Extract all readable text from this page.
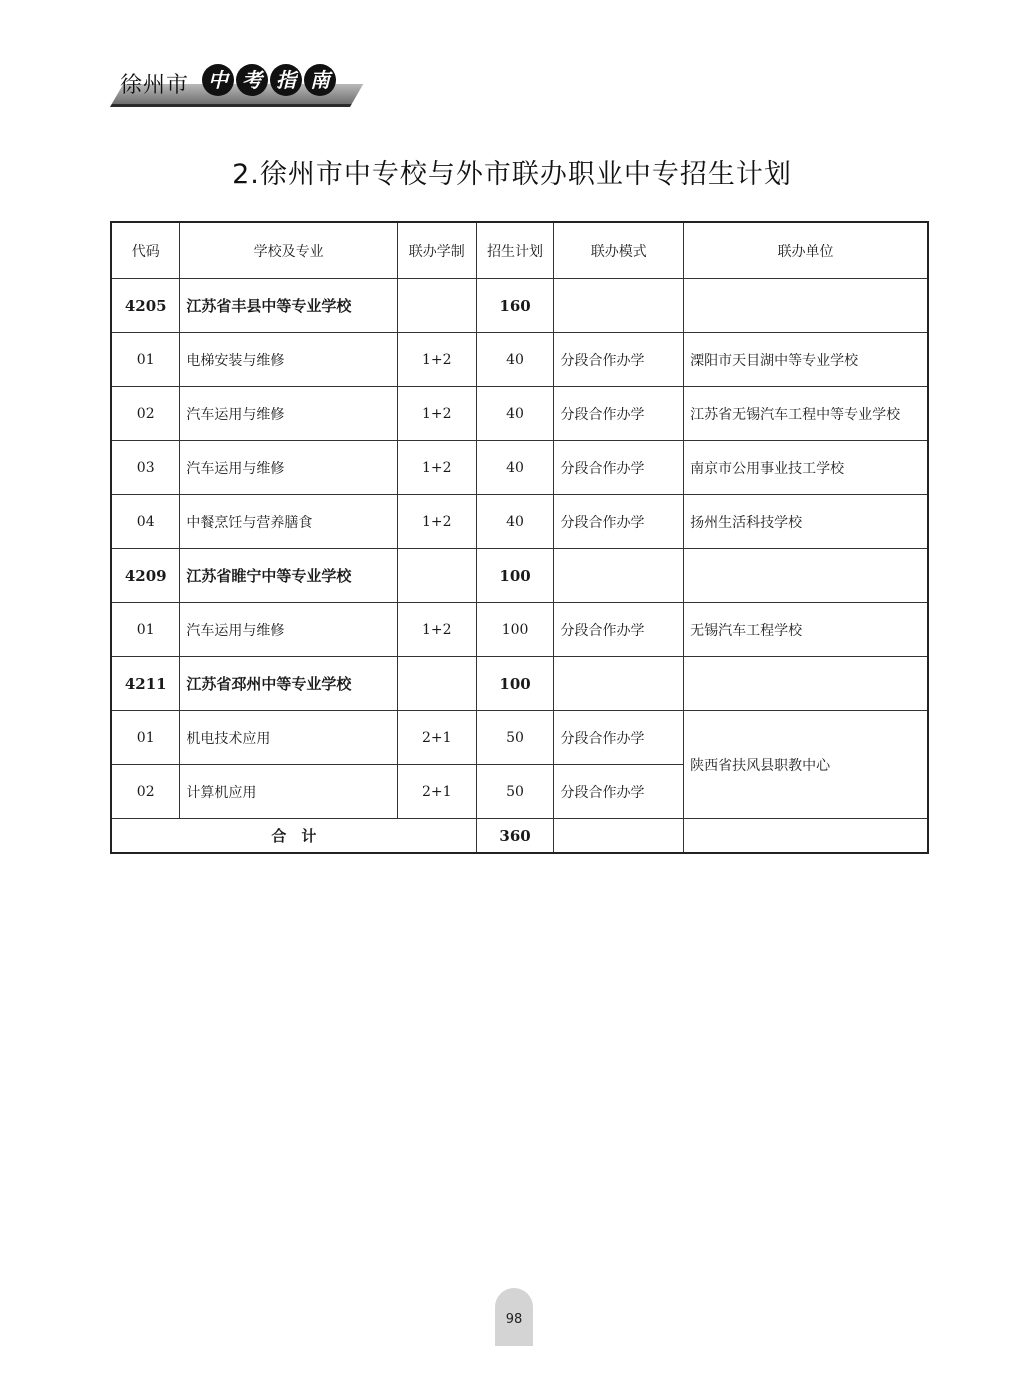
徐州市 中 考 指 南
2.徐州市中专校与外市联办职业中专招生计划
代码	学校及专业	联办学制	招生计划	联办模式	联办单位
4205	江苏省丰县中等专业学校		160		
01	电梯安装与维修	1+2	40	分段合作办学	溧阳市天目湖中等专业学校
02	汽车运用与维修	1+2	40	分段合作办学	江苏省无锡汽车工程中等专业学校
03	汽车运用与维修	1+2	40	分段合作办学	南京市公用事业技工学校
04	中餐烹饪与营养膳食	1+2	40	分段合作办学	扬州生活科技学校
4209	江苏省睢宁中等专业学校		100		
01	汽车运用与维修	1+2	100	分段合作办学	无锡汽车工程学校
4211	江苏省邳州中等专业学校		100		
01	机电技术应用	2+1	50	分段合作办学	陕西省扶风县职教中心
02	计算机应用	2+1	50	分段合作办学	
合　计			360		
98
